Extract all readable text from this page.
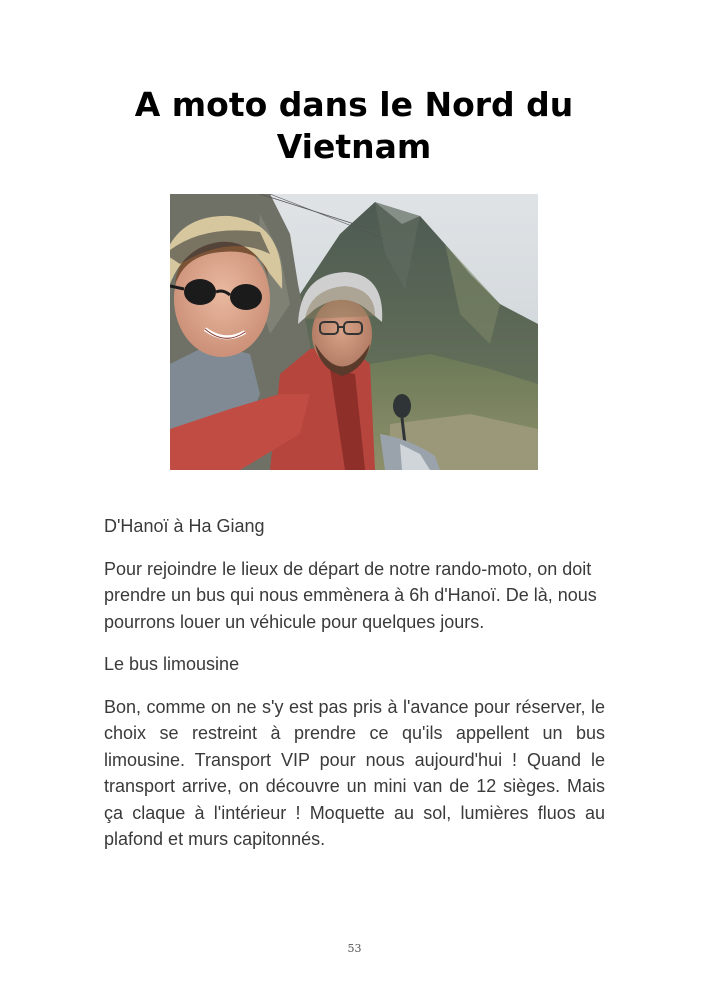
A moto dans le Nord du Vietnam

D'Hanoï à Ha Giang

Pour rejoindre le lieux de départ de notre rando-moto, on doit prendre un bus qui nous emmènera à 6h d'Hanoï. De là, nous pourrons louer un véhicule pour quelques jours.

Le bus limousine

Bon, comme on ne s'y est pas pris à l'avance pour réserver, le choix se restreint à prendre ce qu'ils appellent un bus limousine. Transport VIP pour nous aujourd'hui ! Quand le transport arrive, on découvre un mini van de 12 sièges. Mais ça claque à l'intérieur ! Moquette au sol, lumières fluos au plafond et murs capitonnés.

53
